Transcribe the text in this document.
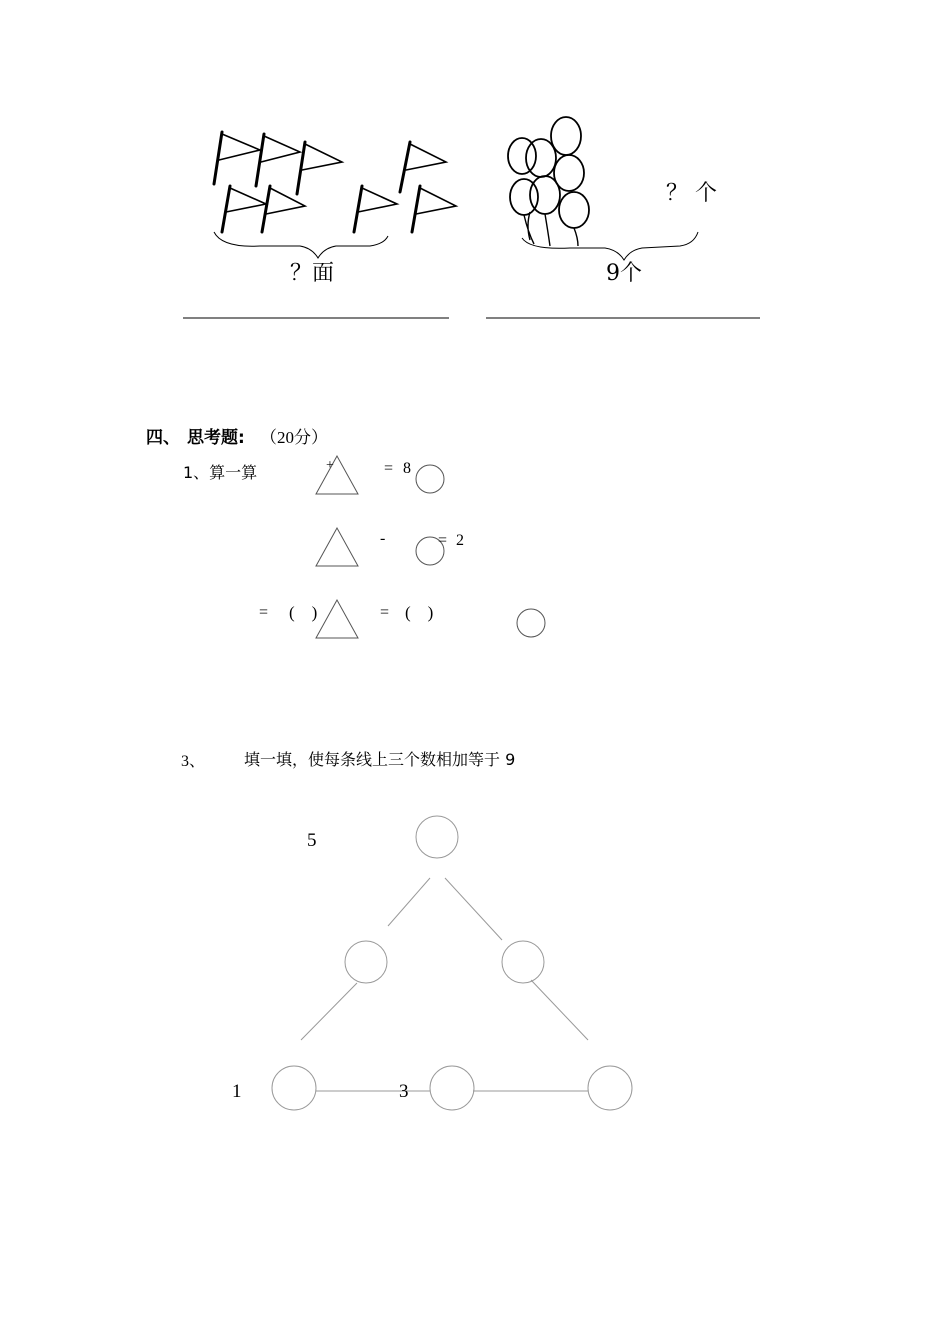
？面	9个
？ 个
四、 思考题: （20分）
1、算一算	+	= 8
-	= 2
= (    )	= (    )
3、 填一填，使每条线上三个数相加等于 9
5
1	3
